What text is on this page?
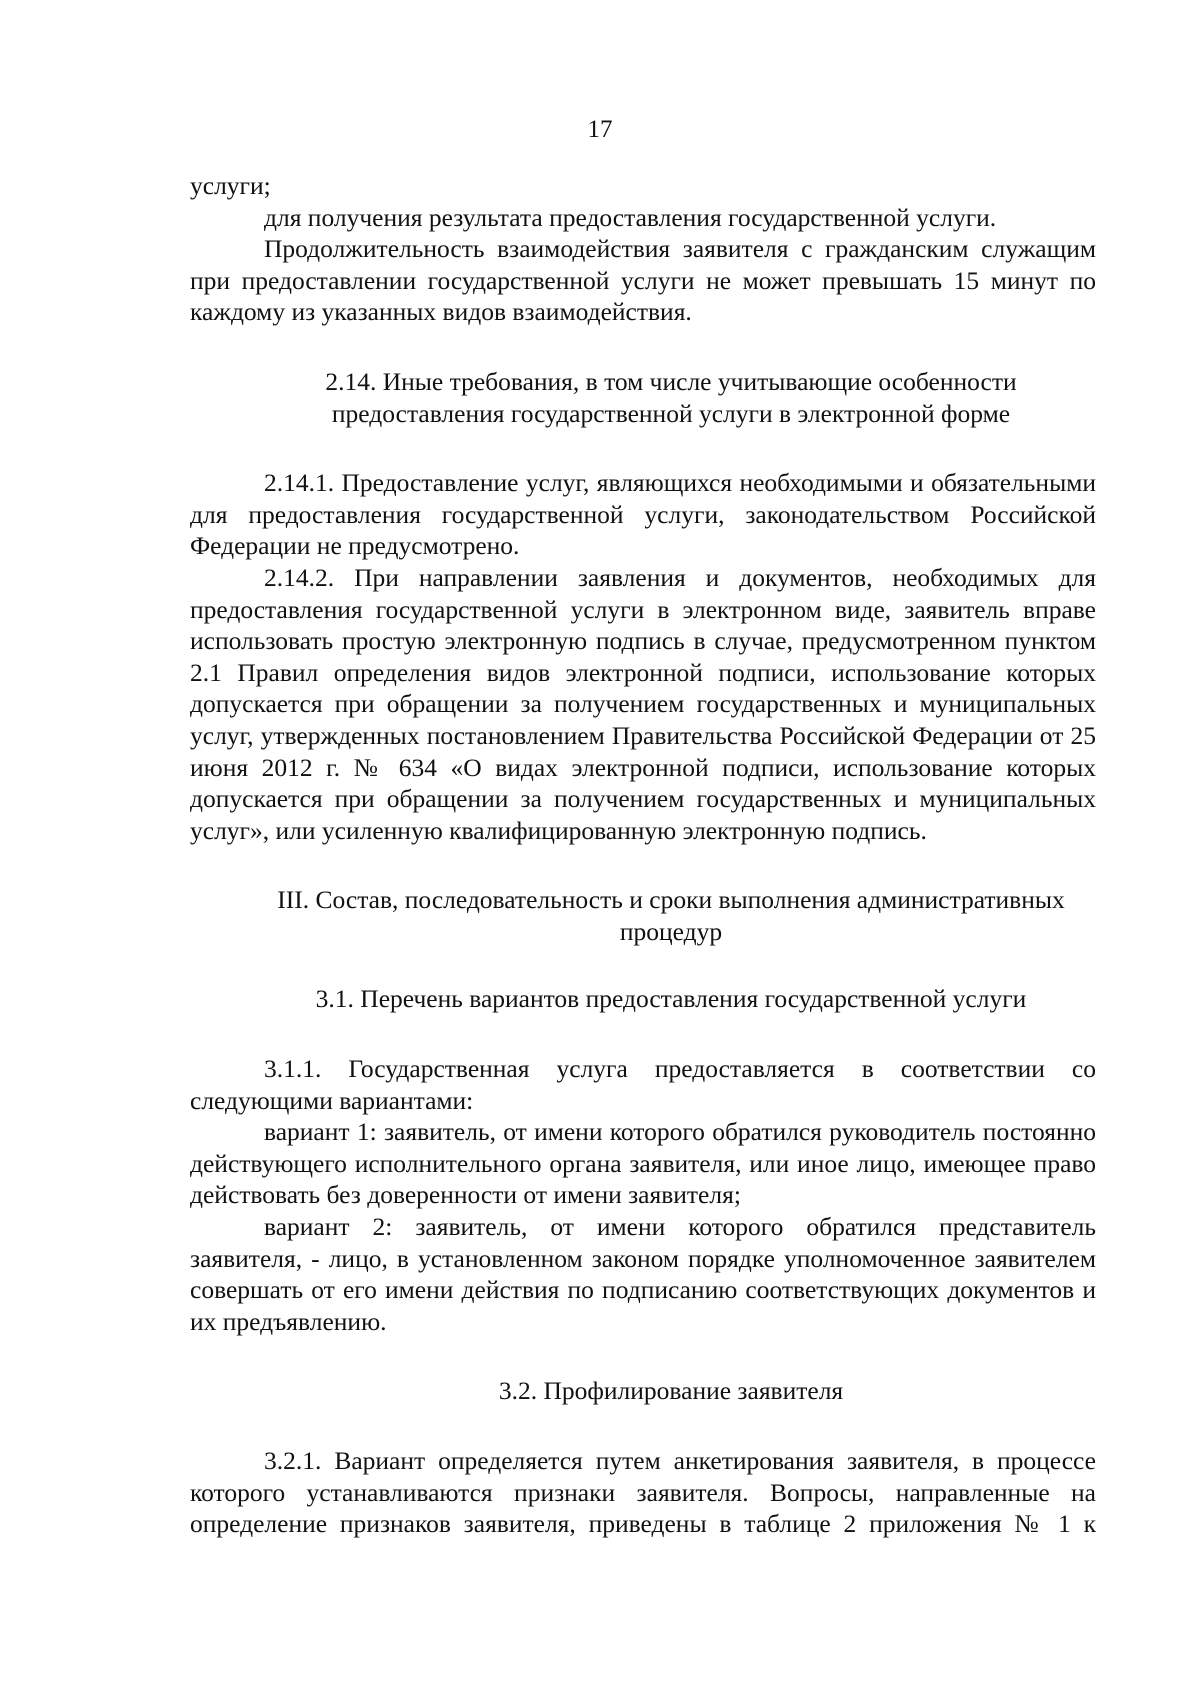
17

услуги;

для получения результата предоставления государственной услуги.

Продолжительность взаимодействия заявителя с гражданским служащим при предоставлении государственной услуги не может превышать 15 минут по каждому из указанных видов взаимодействия.

2.14. Иные требования, в том числе учитывающие особенности предоставления государственной услуги в электронной форме

2.14.1. Предоставление услуг, являющихся необходимыми и обязательными для предоставления государственной услуги, законодательством Российской Федерации не предусмотрено.

2.14.2. При направлении заявления и документов, необходимых для предоставления государственной услуги в электронном виде, заявитель вправе использовать простую электронную подпись в случае, предусмотренном пунктом 2.1 Правил определения видов электронной подписи, использование которых допускается при обращении за получением государственных и муниципальных услуг, утвержденных постановлением Правительства Российской Федерации от 25 июня 2012 г. № 634 «О видах электронной подписи, использование которых допускается при обращении за получением государственных и муниципальных услуг», или усиленную квалифицированную электронную подпись.

III. Состав, последовательность и сроки выполнения административных процедур

3.1. Перечень вариантов предоставления государственной услуги

3.1.1. Государственная услуга предоставляется в соответствии со следующими вариантами:

вариант 1: заявитель, от имени которого обратился руководитель постоянно действующего исполнительного органа заявителя, или иное лицо, имеющее право действовать без доверенности от имени заявителя;

вариант 2: заявитель, от имени которого обратился представитель заявителя, - лицо, в установленном законом порядке уполномоченное заявителем совершать от его имени действия по подписанию соответствующих документов и их предъявлению.

3.2. Профилирование заявителя

3.2.1. Вариант определяется путем анкетирования заявителя, в процессе которого устанавливаются признаки заявителя. Вопросы, направленные на определение признаков заявителя, приведены в таблице 2 приложения № 1 к
